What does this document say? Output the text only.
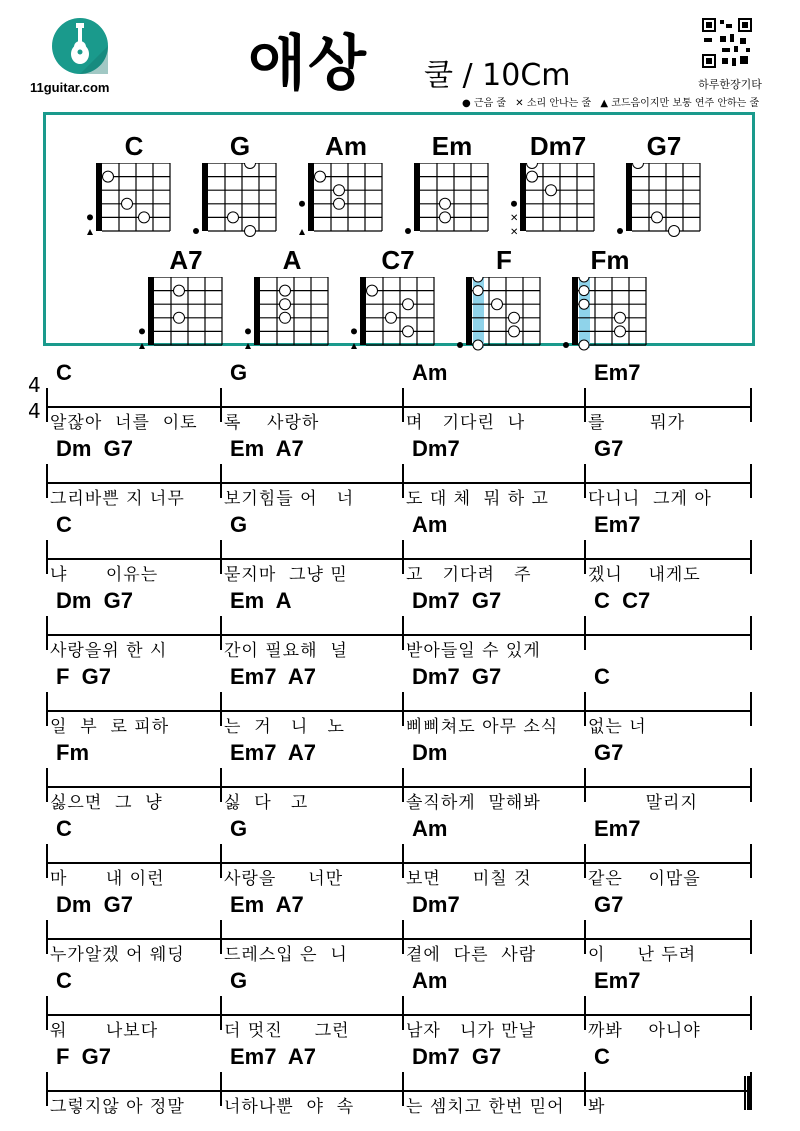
11guitar.com	애상 쿨 / 10Cm	하루한장기타
● 근음 줄 ✕ 소리 안나는 줄 ▲ 코드음이지만 보통 연주 안하는 줄
C	G	Am	Em	Dm7
✕
✕
G7
A7	A	C7	F	Fm
4
4
C
알잖아  너를  이토
G
록    사랑하
Am
며   기다린  나
Em7
를       뭐가
Dm  G7
그리바쁜 지 너무
Em  A7
보기힘들 어   너
Dm7
도 대 체  뭐 하 고
G7
다니니  그게 아
C
냐      이유는
G
묻지마  그냥 믿
Am
고   기다려   주
Em7
겠니    내게도
Dm  G7
사랑을위 한 시
Em  A
간이 필요해  널
Dm7  G7
받아들일 수 있게
C  C7
F  G7
일  부  로 피하
Em7  A7
는  거   니   노
Dm7  G7
삐삐쳐도 아무 소식
C
없는 너
Fm
싫으면  그  냥
Em7  A7
싫  다   고
Dm
솔직하게  말해봐
G7
말리지
C
마      내 이런
G
사랑을     너만
Am
보면     미칠 것
Em7
같은    이맘을
Dm  G7
누가알겠 어 웨딩
Em  A7
드레스입 은  니
Dm7
곁에  다른  사람
G7
이     난 두려
C
워      나보다
G
더 멋진     그런
Am
남자   니가 만날
Em7
까봐    아니야
F  G7
그렇지않 아 정말
Em7  A7
너하나뿐  야  속
Dm7  G7
는 셈치고 한번 믿어
C
봐
